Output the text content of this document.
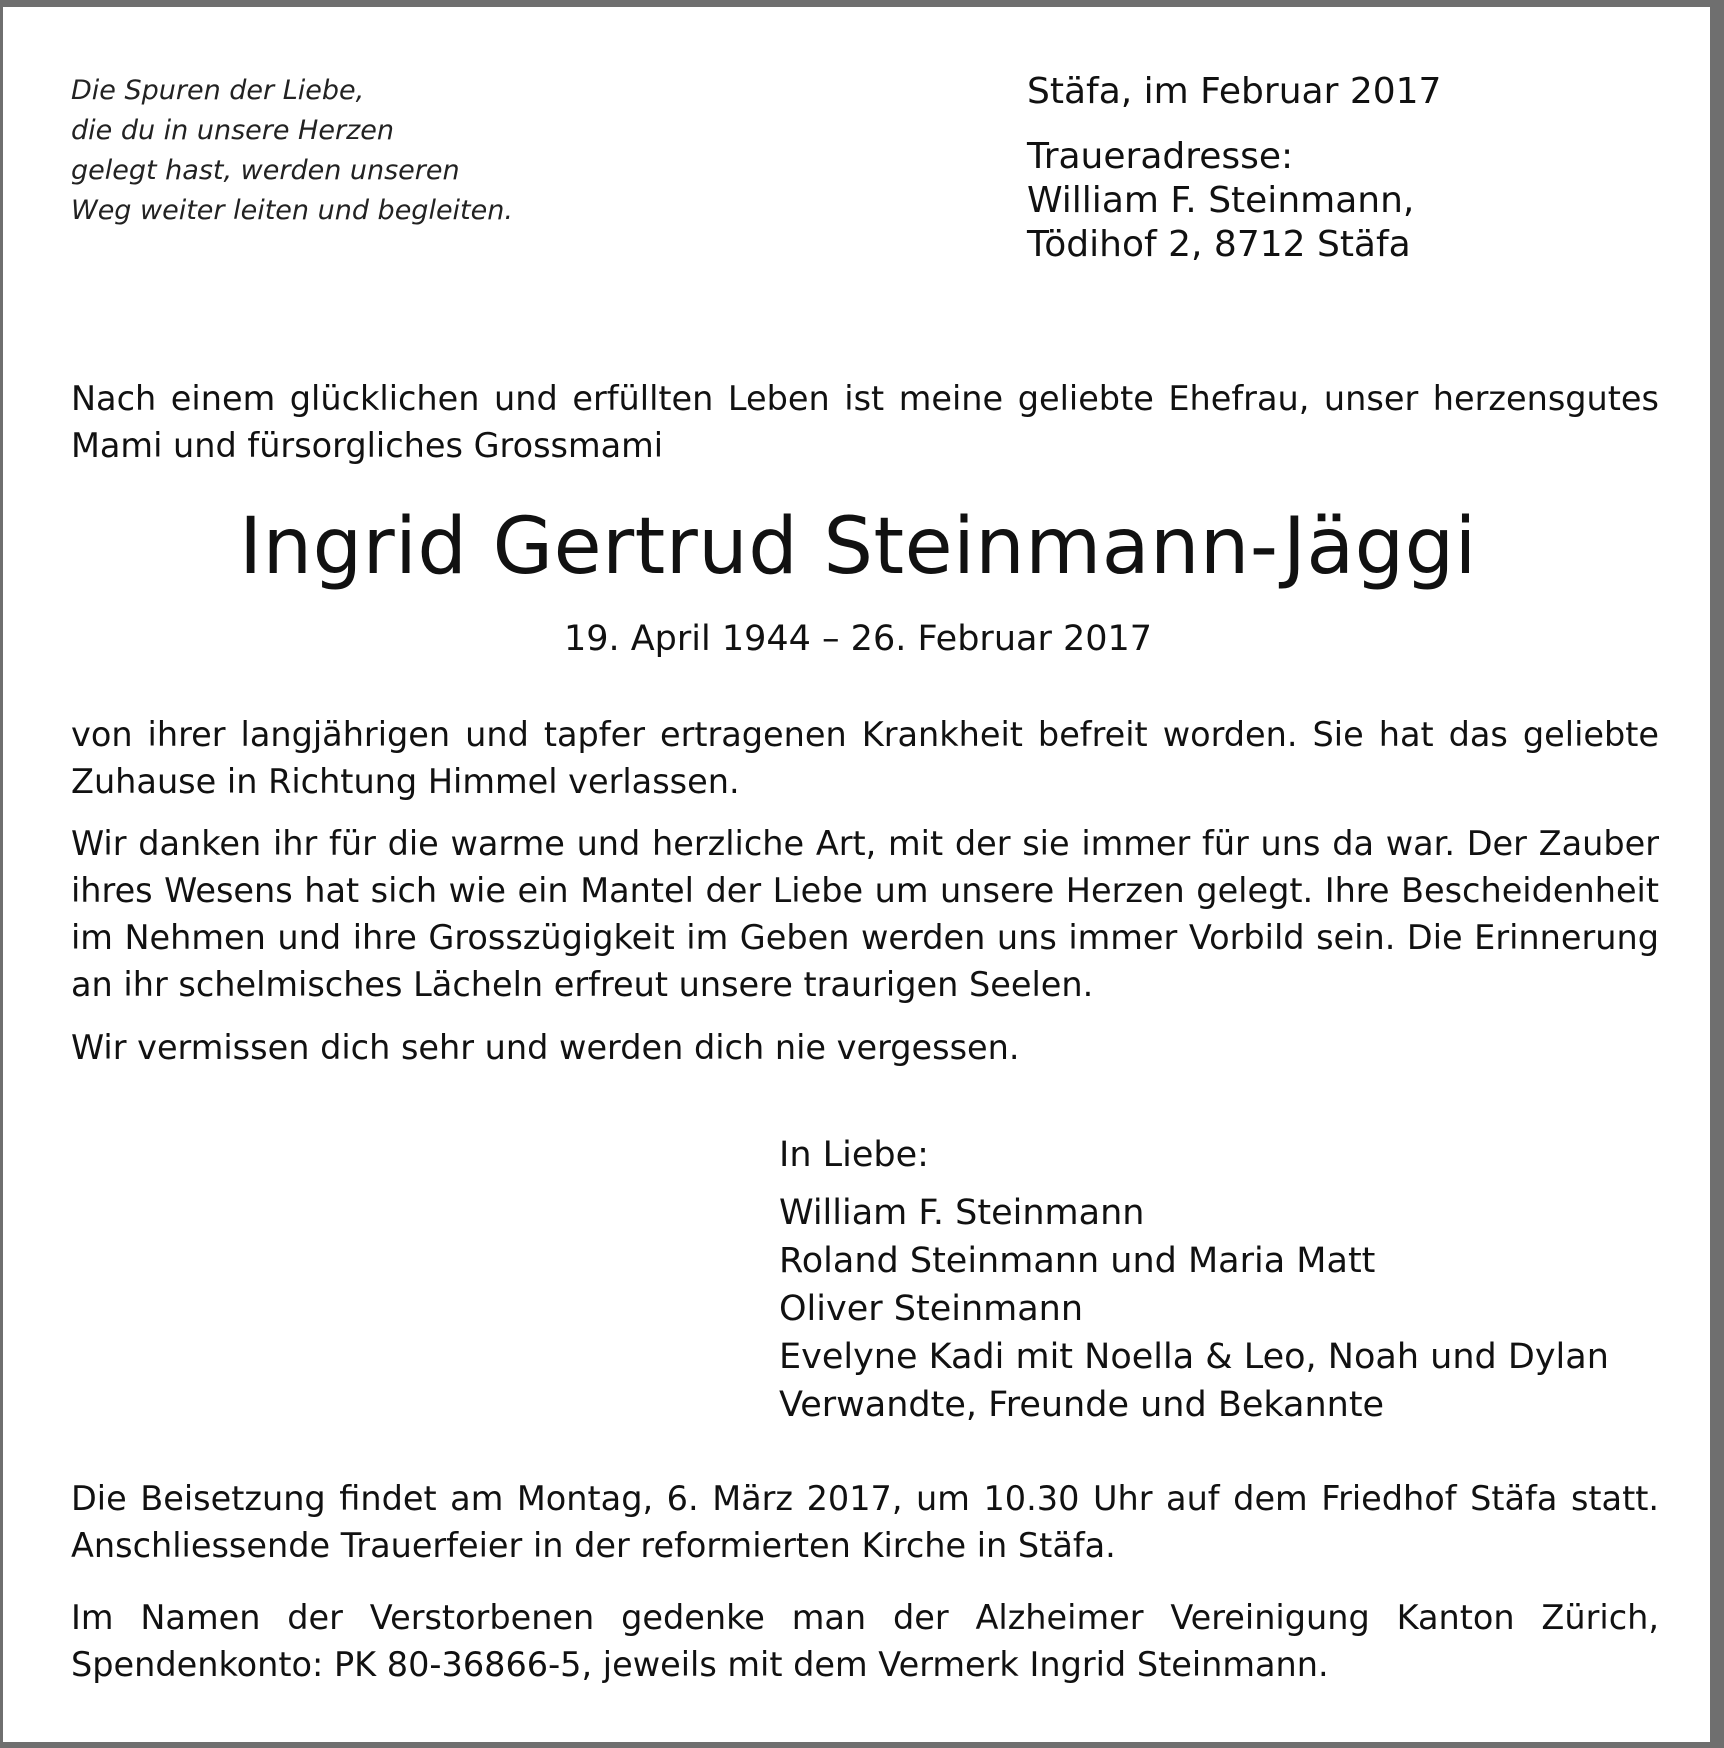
Die Spuren der Liebe,
die du in unsere Herzen
gelegt hast, werden unseren
Weg weiter leiten und begleiten.
Stäfa, im Februar 2017
Traueradresse:
William F. Steinmann,
Tödihof 2, 8712 Stäfa
Nach einem glücklichen und erfüllten Leben ist meine geliebte Ehefrau, unser herzensgutes Mami und fürsorgliches Grossmami
Ingrid Gertrud Steinmann-Jäggi
19. April 1944 – 26. Februar 2017
von ihrer langjährigen und tapfer ertragenen Krankheit befreit worden. Sie hat das geliebte Zuhause in Richtung Himmel verlassen.
Wir danken ihr für die warme und herzliche Art, mit der sie immer für uns da war. Der Zauber ihres Wesens hat sich wie ein Mantel der Liebe um unsere Herzen gelegt. Ihre Bescheidenheit im Nehmen und ihre Grosszügigkeit im Geben werden uns immer Vorbild sein. Die Erinnerung an ihr schelmisches Lächeln erfreut unsere traurigen Seelen.
Wir vermissen dich sehr und werden dich nie vergessen.
In Liebe:
William F. Steinmann
Roland Steinmann und Maria Matt
Oliver Steinmann
Evelyne Kadi mit Noella & Leo, Noah und Dylan
Verwandte, Freunde und Bekannte
Die Beisetzung findet am Montag, 6. März 2017, um 10.30 Uhr auf dem Friedhof Stäfa statt. Anschliessende Trauerfeier in der reformierten Kirche in Stäfa.
Im Namen der Verstorbenen gedenke man der Alzheimer Vereinigung Kanton Zürich, Spendenkonto: PK 80-36866-5, jeweils mit dem Vermerk Ingrid Steinmann.
